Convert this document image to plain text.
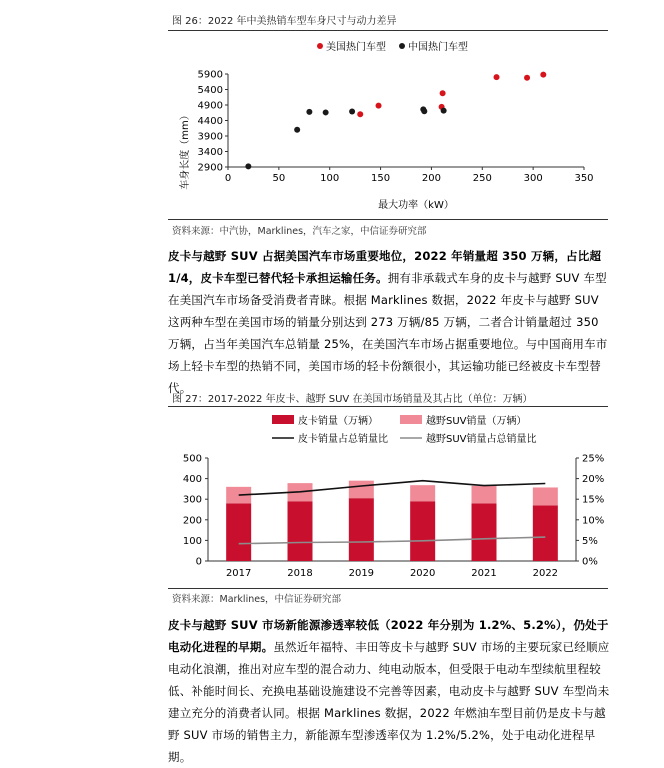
图 26：2022 年中美热销车型车身尺寸与动力差异
美国热门车型 中国热门车型
0	50	100	150	200	250	300	350
2900
3400
3900
4400
4900
5400
5900
最大功率（kW）
车身长度（mm）
资料来源：中汽协，Marklines，汽车之家，中信证券研究部
皮卡与越野 SUV 占据美国汽车市场重要地位，2022 年销量超 350 万辆，占比超 1/4，皮卡车型已替代轻卡承担运输任务。拥有非承载式车身的皮卡与越野 SUV 车型在美国汽车市场备受消费者青睐。根据 Marklines 数据，2022 年皮卡与越野 SUV 这两种车型在美国市场的销量分别达到 273 万辆/85 万辆，二者合计销量超过 350 万辆，占当年美国汽车总销量 25%，在美国汽车市场占据重要地位。与中国商用车市场上轻卡车型的热销不同，美国市场的轻卡份额很小，其运输功能已经被皮卡车型替代。
图 27：2017-2022 年皮卡、越野 SUV 在美国市场销量及其占比（单位：万辆）
皮卡销量（万辆）	越野SUV销量（万辆）
皮卡销量占总销量比	越野SUV销量占总销量比
0
100
200
300
400
500
0%
5%
10%
15%
20%
25%
2017	2018	2019	2020	2021	2022
资料来源：Marklines，中信证券研究部
皮卡与越野 SUV 市场新能源渗透率较低（2022 年分别为 1.2%、5.2%），仍处于电动化进程的早期。虽然近年福特、丰田等皮卡与越野 SUV 市场的主要玩家已经顺应电动化浪潮，推出对应车型的混合动力、纯电动版本，但受限于电动车型续航里程较低、补能时间长、充换电基础设施建设不完善等因素，电动皮卡与越野 SUV 车型尚未建立充分的消费者认同。根据 Marklines 数据，2022 年燃油车型目前仍是皮卡与越野 SUV 市场的销售主力，新能源车型渗透率仅为 1.2%/5.2%，处于电动化进程早期。
